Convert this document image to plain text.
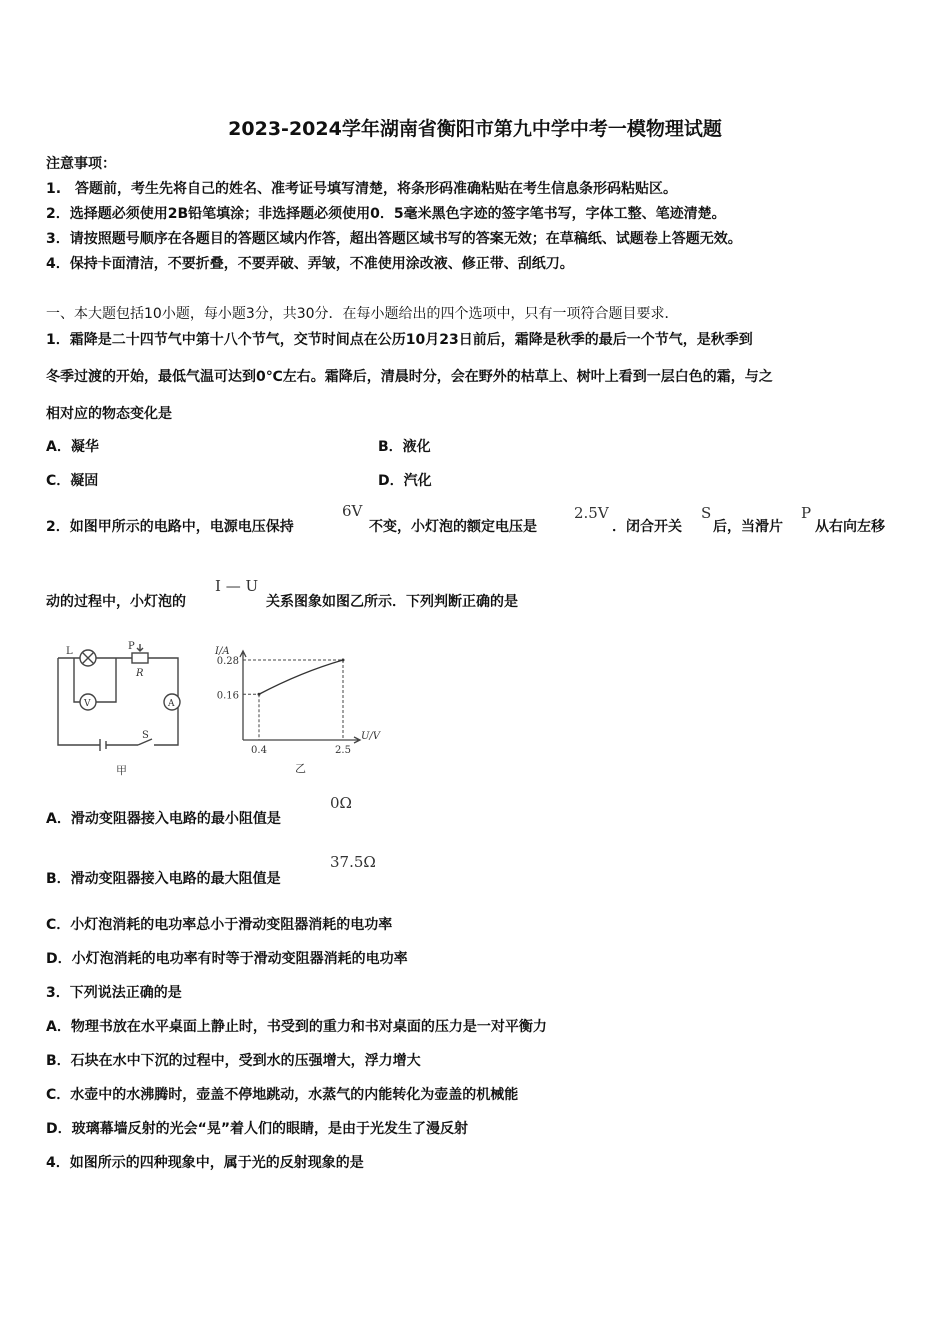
2023-2024学年湖南省衡阳市第九中学中考一模物理试题
注意事项：
1.　答题前，考生先将自己的姓名、准考证号填写清楚，将条形码准确粘贴在考生信息条形码粘贴区。
2．选择题必须使用2B铅笔填涂；非选择题必须使用0．5毫米黑色字迹的签字笔书写，字体工整、笔迹清楚。
3．请按照题号顺序在各题目的答题区域内作答，超出答题区域书写的答案无效；在草稿纸、试题卷上答题无效。
4．保持卡面清洁，不要折叠，不要弄破、弄皱，不准使用涂改液、修正带、刮纸刀。
一、本大题包括10小题，每小题3分，共30分．在每小题给出的四个选项中，只有一项符合题目要求．
1．霜降是二十四节气中第十八个节气，交节时间点在公历10月23日前后，霜降是秋季的最后一个节气，是秋季到
冬季过渡的开始，最低气温可达到0℃左右。霜降后，清晨时分，会在野外的枯草上、树叶上看到一层白色的霜，与之
相对应的物态变化是
A．凝华	B．液化
C．凝固	D．汽化
2．如图甲所示的电路中，电源电压保持
6V
不变，小灯泡的额定电压是
2.5V
．闭合开关
S
后，当滑片
P
从右向左移
动的过程中，小灯泡的
I — U
关系图象如图乙所示．下列判断正确的是
L	P
R
V	A
S
甲
0.28
0.16
0.4	2.5
I/A
U/V
乙
A．滑动变阻器接入电路的最小阻值是
0Ω
B．滑动变阻器接入电路的最大阻值是
37.5Ω
C．小灯泡消耗的电功率总小于滑动变阻器消耗的电功率
D．小灯泡消耗的电功率有时等于滑动变阻器消耗的电功率
3．下列说法正确的是
A．物理书放在水平桌面上静止时，书受到的重力和书对桌面的压力是一对平衡力
B．石块在水中下沉的过程中，受到水的压强增大，浮力增大
C．水壶中的水沸腾时，壶盖不停地跳动，水蒸气的内能转化为壶盖的机械能
D．玻璃幕墙反射的光会“晃”着人们的眼睛，是由于光发生了漫反射
4．如图所示的四种现象中，属于光的反射现象的是
